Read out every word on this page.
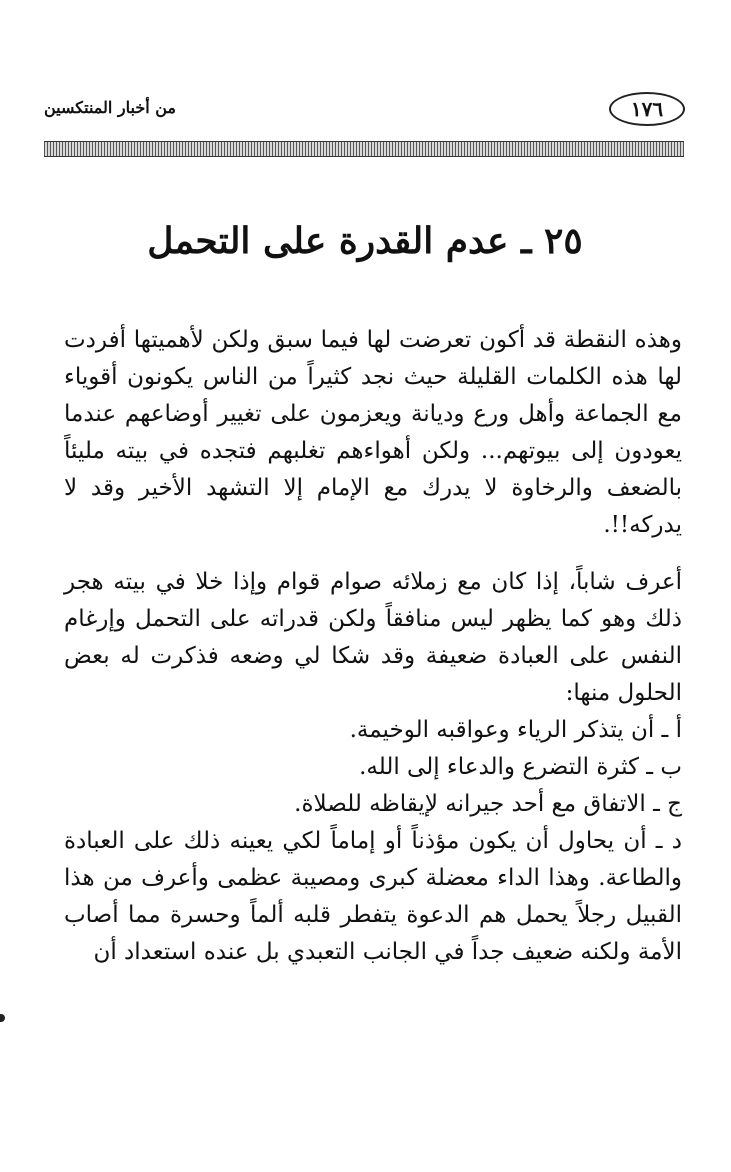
من أخبار المنتكسين	١٧٦
٢٥ ـ عدم القدرة على التحمل

وهذه النقطة قد أكون تعرضت لها فيما سبق ولكن لأهميتها أفردت لها هذه الكلمات القليلة حيث نجد كثيراً من الناس يكونون أقوياء مع الجماعة وأهل ورع وديانة ويعزمون على تغيير أوضاعهم عندما يعودون إلى بيوتهم... ولكن أهواءهم تغلبهم فتجده في بيته مليئاً بالضعف والرخاوة لا يدرك مع الإمام إلا التشهد الأخير وقد لا يدركه!!.

أعرف شاباً، إذا كان مع زملائه صوام قوام وإذا خلا في بيته هجر ذلك وهو كما يظهر ليس منافقاً ولكن قدراته على التحمل وإرغام النفس على العبادة ضعيفة وقد شكا لي وضعه فذكرت له بعض الحلول منها:

أ ـ أن يتذكر الرياء وعواقبه الوخيمة.

ب ـ كثرة التضرع والدعاء إلى الله.

ج ـ الاتفاق مع أحد جيرانه لإيقاظه للصلاة.

د ـ أن يحاول أن يكون مؤذناً أو إماماً لكي يعينه ذلك على العبادة والطاعة. وهذا الداء معضلة كبرى ومصيبة عظمى وأعرف من هذا القبيل رجلاً يحمل هم الدعوة يتفطر قلبه ألماً وحسرة مما أصاب الأمة ولكنه ضعيف جداً في الجانب التعبدي بل عنده استعداد أن
